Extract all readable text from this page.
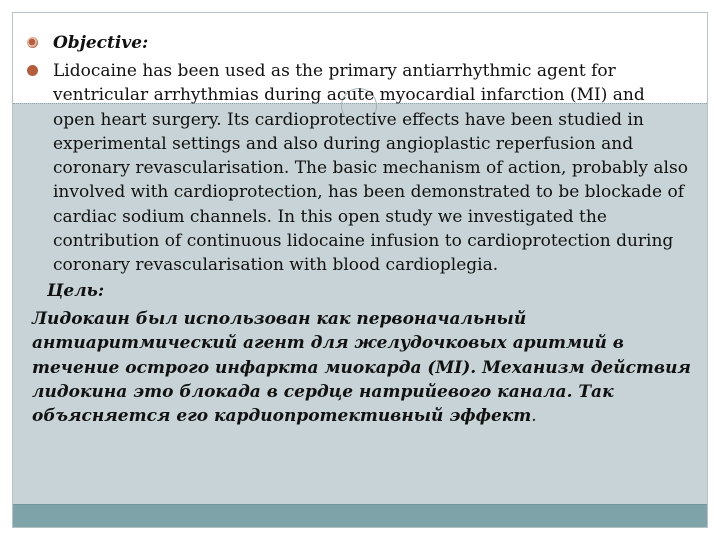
Objective:

Lidocaine has been used as the primary antiarrhythmic agent for ventricular arrhythmias during acute myocardial infarction (MI) and open heart surgery. Its cardioprotective effects have been studied in experimental settings and also during angioplastic reperfusion and coronary revascularisation. The basic mechanism of action, probably also involved with cardioprotection, has been demonstrated to be blockade of cardiac sodium channels. In this open study we investigated the contribution of continuous lidocaine infusion to cardioprotection during coronary revascularisation with blood cardioplegia.

Цель:

Лидокаин был использован как первоначальный антиаритмический агент для желудочковых аритмий в течение острого инфаркта миокарда (MI). Механизм действия лидокина это блокада в сердце натрийевого канала. Так объясняется его кардиопротективный эффект.
